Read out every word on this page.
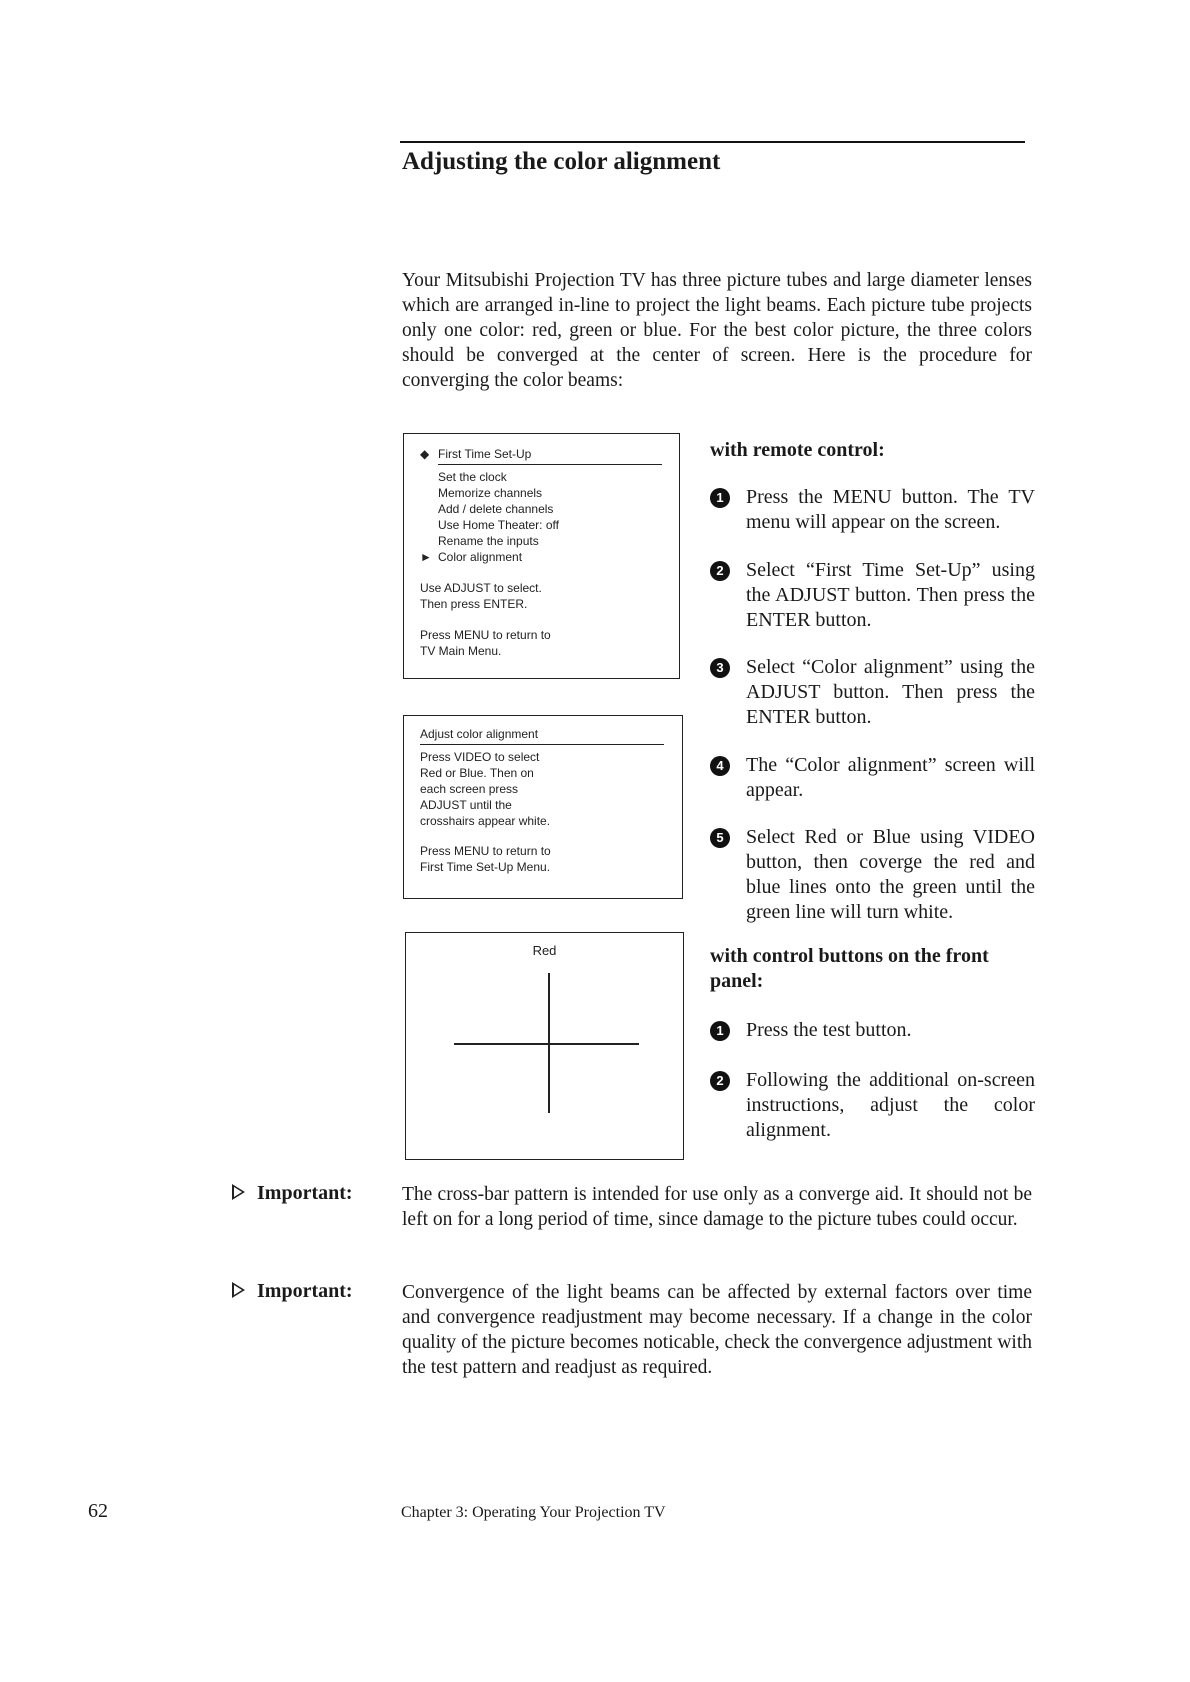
Adjusting the color alignment

Your Mitsubishi Projection TV has three picture tubes and large diameter lenses which are arranged in-line to project the light beams. Each picture tube projects only one color: red, green or blue. For the best color picture, the three colors should be converged at the center of screen. Here is the procedure for converging the color beams:

◆ First Time Set-Up
Set the clock
Memorize channels
Add / delete channels
Use Home Theater: off
Rename the inputs
► Color alignment
Use ADJUST to select.
Then press ENTER.
Press MENU to return to
TV Main Menu.
Adjust color alignment
Press VIDEO to select
Red or Blue. Then on
each screen press
ADJUST until the
crosshairs appear white.
Press MENU to return to
First Time Set-Up Menu.
Red
with remote control:
1	Press the MENU button. The TV menu will appear on the screen.

2	Select “First Time Set-Up” using the ADJUST button. Then press the ENTER button.

3	Select “Color alignment” using the ADJUST button. Then press the ENTER button.

4	The “Color alignment” screen will appear.

5	Select Red or Blue using VIDEO button, then coverge the red and blue lines onto the green until the green line will turn white.

with control buttons on the front panel:
1	Press the test button.

2	Following the additional on-screen instructions, adjust the color alignment.

Important:	The cross-bar pattern is intended for use only as a converge aid. It should not be left on for a long period of time, since damage to the picture tubes could occur.

Important:	Convergence of the light beams can be affected by external factors over time and convergence readjustment may become necessary. If a change in the color quality of the picture becomes noticable, check the convergence adjustment with the test pattern and readjust as required.

62	Chapter 3: Operating Your Projection TV
